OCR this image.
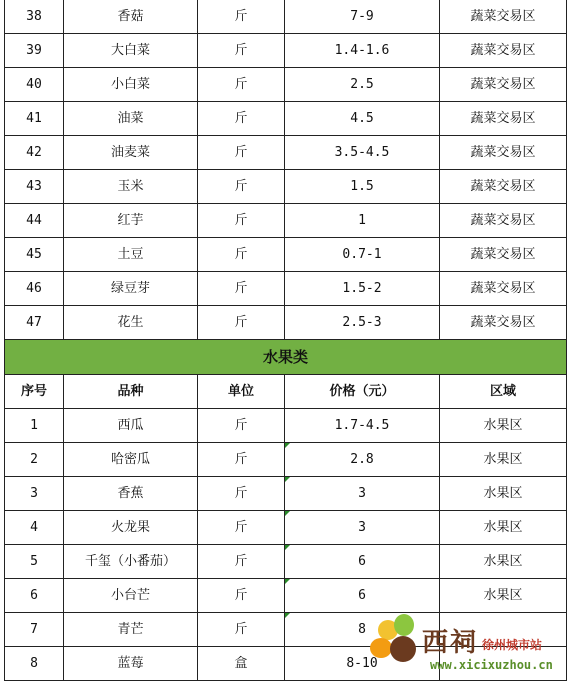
38	香菇	斤	7-9	蔬菜交易区
39	大白菜	斤	1.4-1.6	蔬菜交易区
40	小白菜	斤	2.5	蔬菜交易区
41	油菜	斤	4.5	蔬菜交易区
42	油麦菜	斤	3.5-4.5	蔬菜交易区
43	玉米	斤	1.5	蔬菜交易区
44	红芋	斤	1	蔬菜交易区
45	土豆	斤	0.7-1	蔬菜交易区
46	绿豆芽	斤	1.5-2	蔬菜交易区
47	花生	斤	2.5-3	蔬菜交易区
水果类				
序号	品种	单位	价格（元）	区域
1	西瓜	斤	1.7-4.5	水果区
2	哈密瓜	斤	2.8	水果区
3	香蕉	斤	3	水果区
4	火龙果	斤	3	水果区
5	千玺（小番茄）	斤	6	水果区
6	小台芒	斤	6	水果区
7	青芒	斤	8	
8	蓝莓	盒	8-10	
西祠 徐州城市站
www.xicixuzhou.cn
